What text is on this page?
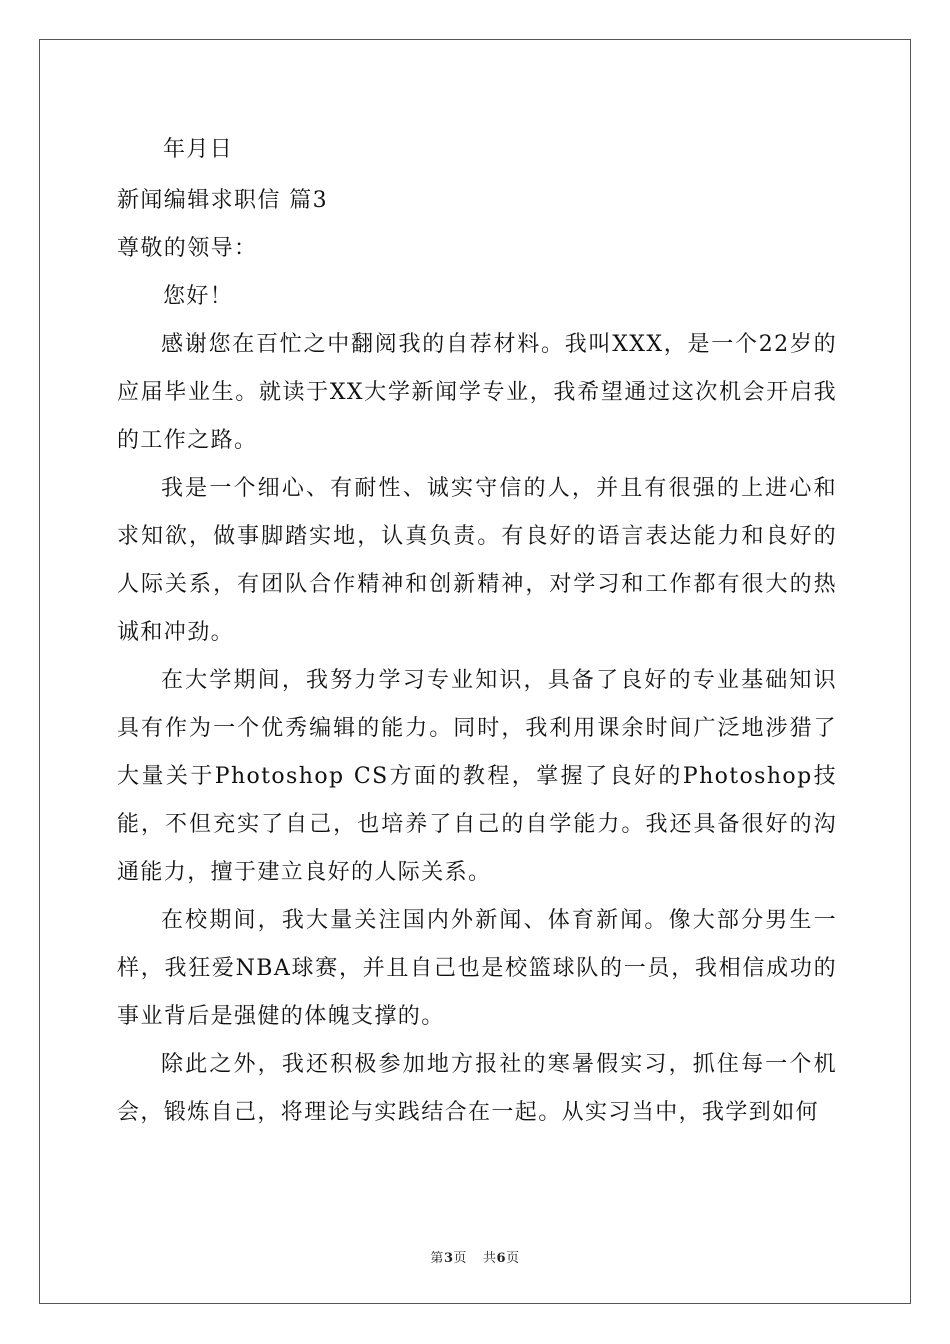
年月日
新闻编辑求职信 篇3
尊敬的领导：
您好！

感谢您在百忙之中翻阅我的自荐材料。我叫XXX，是一个22岁的应届毕业生。就读于XX大学新闻学专业，我希望通过这次机会开启我的工作之路。

我是一个细心、有耐性、诚实守信的人，并且有很强的上进心和求知欲，做事脚踏实地，认真负责。有良好的语言表达能力和良好的人际关系，有团队合作精神和创新精神，对学习和工作都有很大的热诚和冲劲。

在大学期间，我努力学习专业知识，具备了良好的专业基础知识具有作为一个优秀编辑的能力。同时，我利用课余时间广泛地涉猎了大量关于Photoshop CS方面的教程，掌握了良好的Photoshop技能，不但充实了自己，也培养了自己的自学能力。我还具备很好的沟通能力，擅于建立良好的人际关系。

在校期间，我大量关注国内外新闻、体育新闻。像大部分男生一样，我狂爱NBA球赛，并且自己也是校篮球队的一员，我相信成功的事业背后是强健的体魄支撑的。

除此之外，我还积极参加地方报社的寒暑假实习，抓住每一个机会，锻炼自己，将理论与实践结合在一起。从实习当中，我学到如何

第3页 共6页
